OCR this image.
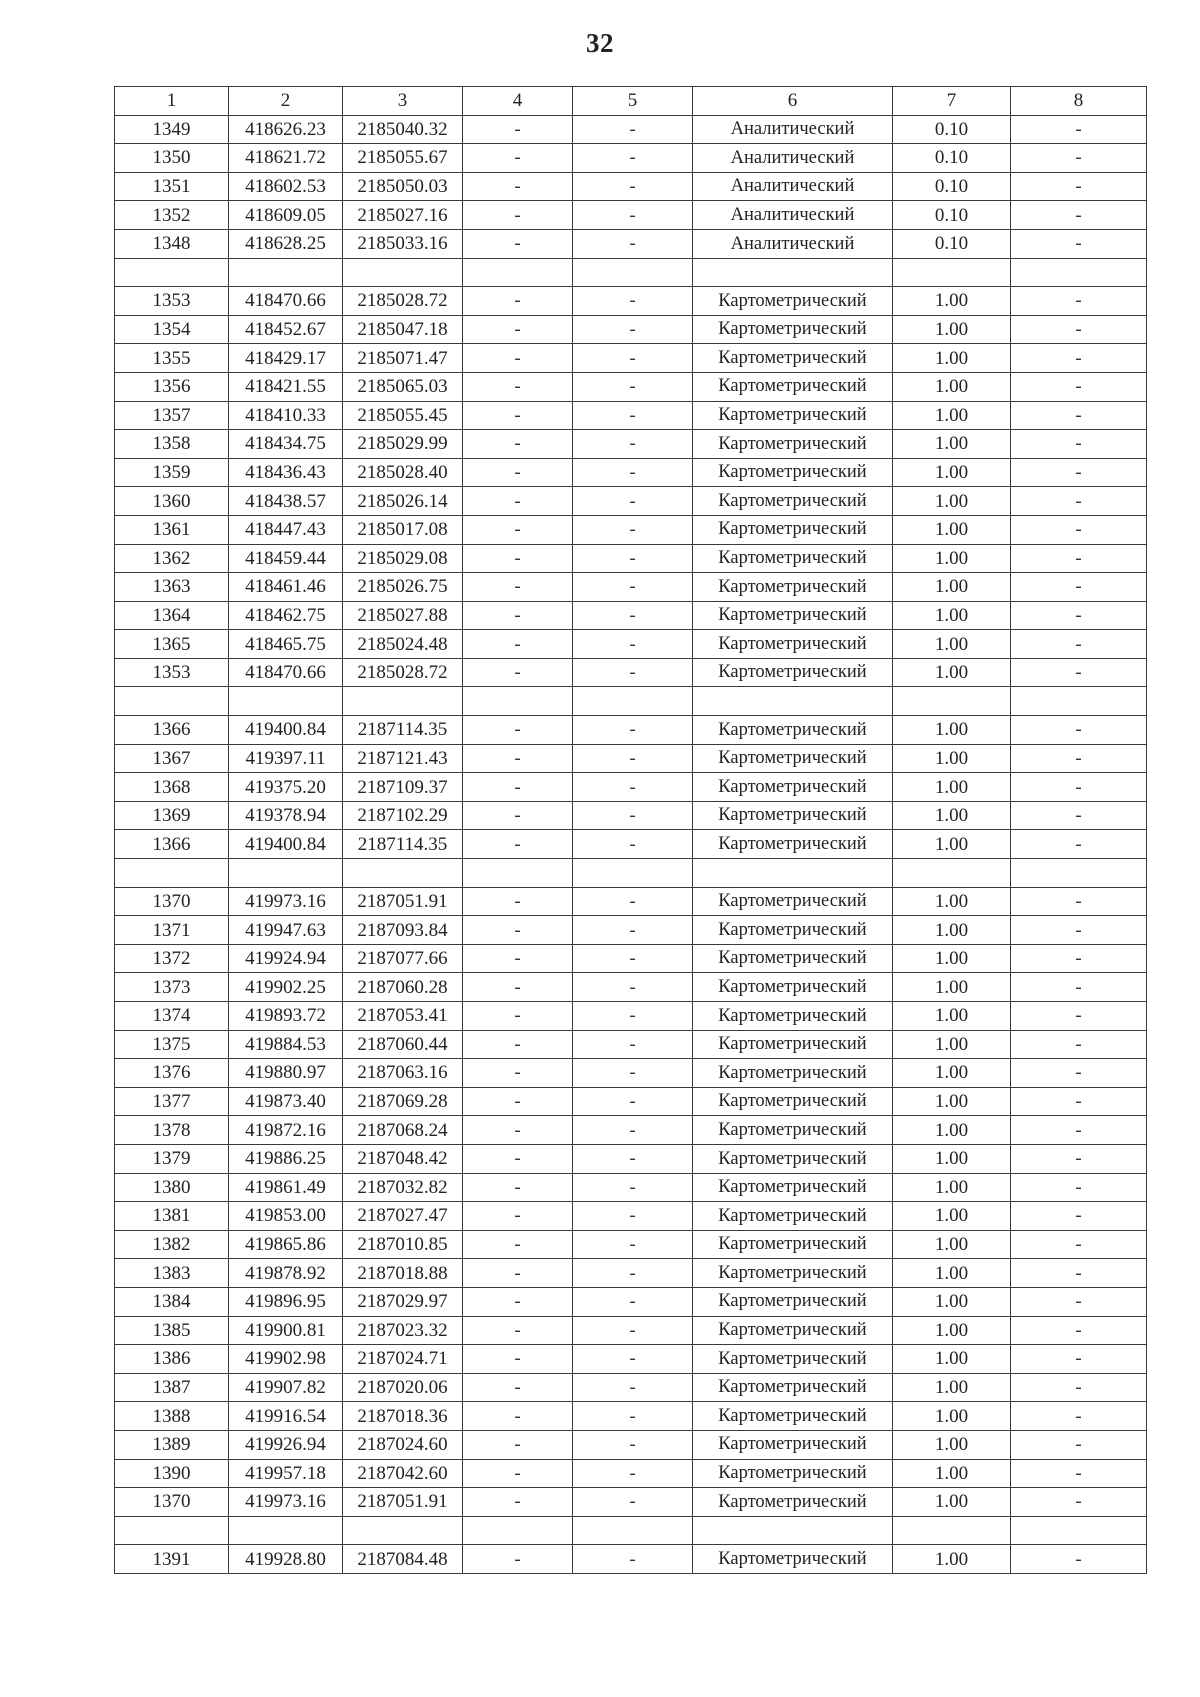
32
1	2	3	4	5	6	7	8
1349	418626.23	2185040.32	-	-	Аналитический	0.10	-
1350	418621.72	2185055.67	-	-	Аналитический	0.10	-
1351	418602.53	2185050.03	-	-	Аналитический	0.10	-
1352	418609.05	2185027.16	-	-	Аналитический	0.10	-
1348	418628.25	2185033.16	-	-	Аналитический	0.10	-

1353	418470.66	2185028.72	-	-	Картометрический	1.00	-
1354	418452.67	2185047.18	-	-	Картометрический	1.00	-
1355	418429.17	2185071.47	-	-	Картометрический	1.00	-
1356	418421.55	2185065.03	-	-	Картометрический	1.00	-
1357	418410.33	2185055.45	-	-	Картометрический	1.00	-
1358	418434.75	2185029.99	-	-	Картометрический	1.00	-
1359	418436.43	2185028.40	-	-	Картометрический	1.00	-
1360	418438.57	2185026.14	-	-	Картометрический	1.00	-
1361	418447.43	2185017.08	-	-	Картометрический	1.00	-
1362	418459.44	2185029.08	-	-	Картометрический	1.00	-
1363	418461.46	2185026.75	-	-	Картометрический	1.00	-
1364	418462.75	2185027.88	-	-	Картометрический	1.00	-
1365	418465.75	2185024.48	-	-	Картометрический	1.00	-
1353	418470.66	2185028.72	-	-	Картометрический	1.00	-

1366	419400.84	2187114.35	-	-	Картометрический	1.00	-
1367	419397.11	2187121.43	-	-	Картометрический	1.00	-
1368	419375.20	2187109.37	-	-	Картометрический	1.00	-
1369	419378.94	2187102.29	-	-	Картометрический	1.00	-
1366	419400.84	2187114.35	-	-	Картометрический	1.00	-

1370	419973.16	2187051.91	-	-	Картометрический	1.00	-
1371	419947.63	2187093.84	-	-	Картометрический	1.00	-
1372	419924.94	2187077.66	-	-	Картометрический	1.00	-
1373	419902.25	2187060.28	-	-	Картометрический	1.00	-
1374	419893.72	2187053.41	-	-	Картометрический	1.00	-
1375	419884.53	2187060.44	-	-	Картометрический	1.00	-
1376	419880.97	2187063.16	-	-	Картометрический	1.00	-
1377	419873.40	2187069.28	-	-	Картометрический	1.00	-
1378	419872.16	2187068.24	-	-	Картометрический	1.00	-
1379	419886.25	2187048.42	-	-	Картометрический	1.00	-
1380	419861.49	2187032.82	-	-	Картометрический	1.00	-
1381	419853.00	2187027.47	-	-	Картометрический	1.00	-
1382	419865.86	2187010.85	-	-	Картометрический	1.00	-
1383	419878.92	2187018.88	-	-	Картометрический	1.00	-
1384	419896.95	2187029.97	-	-	Картометрический	1.00	-
1385	419900.81	2187023.32	-	-	Картометрический	1.00	-
1386	419902.98	2187024.71	-	-	Картометрический	1.00	-
1387	419907.82	2187020.06	-	-	Картометрический	1.00	-
1388	419916.54	2187018.36	-	-	Картометрический	1.00	-
1389	419926.94	2187024.60	-	-	Картометрический	1.00	-
1390	419957.18	2187042.60	-	-	Картометрический	1.00	-
1370	419973.16	2187051.91	-	-	Картометрический	1.00	-

1391	419928.80	2187084.48	-	-	Картометрический	1.00	-
